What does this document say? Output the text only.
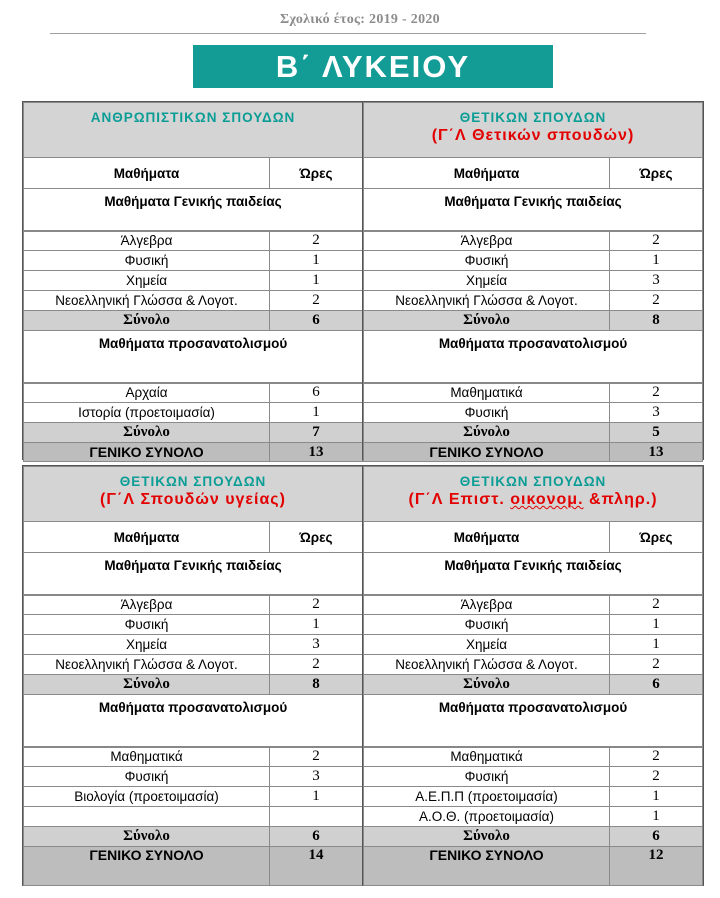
Σχολικό έτος: 2019 - 2020
Β΄ ΛΥΚΕΙΟΥ
ΑΝΘΡΩΠΙΣΤΙΚΩΝ ΣΠΟΥΔΩΝ	

Μαθήματα	Ώρες
Μαθήματα Γενικής παιδείας	
Άλγεβρα	2
Φυσική	1
Χημεία	1
Νεοελληνική Γλώσσα & Λογοτ.	2
Σύνολο	6
Μαθήματα προσανατολισμού	
Αρχαία	6
Ιστορία (προετοιμασία)	1
Σύνολο	7
ΓΕΝΙΚΟ ΣΥΝΟΛΟ	13
ΘΕΤΙΚΩΝ ΣΠΟΥΔΩΝ
(Γ΄Λ Θετικών σπουδών)	

Μαθήματα	Ώρες
Μαθήματα Γενικής παιδείας	
Άλγεβρα	2
Φυσική	1
Χημεία	3
Νεοελληνική Γλώσσα & Λογοτ.	2
Σύνολο	8
Μαθήματα προσανατολισμού	
Μαθηματικά	2
Φυσική	3
Σύνολο	5
ΓΕΝΙΚΟ ΣΥΝΟΛΟ	13
ΘΕΤΙΚΩΝ ΣΠΟΥΔΩΝ
(Γ΄Λ Σπουδών υγείας)	

Μαθήματα	Ώρες
Μαθήματα Γενικής παιδείας	
Άλγεβρα	2
Φυσική	1
Χημεία	3
Νεοελληνική Γλώσσα & Λογοτ.	2
Σύνολο	8
Μαθήματα προσανατολισμού	
Μαθηματικά	2
Φυσική	3
Βιολογία (προετοιμασία)	1

Σύνολο	6
ΓΕΝΙΚΟ ΣΥΝΟΛΟ	14
ΘΕΤΙΚΩΝ ΣΠΟΥΔΩΝ
(Γ΄Λ Επιστ. οικονομ. &πληρ.)	

Μαθήματα	Ώρες
Μαθήματα Γενικής παιδείας	
Άλγεβρα	2
Φυσική	1
Χημεία	1
Νεοελληνική Γλώσσα & Λογοτ.	2
Σύνολο	6
Μαθήματα προσανατολισμού	
Μαθηματικά	2
Φυσική	2
Α.Ε.Π.Π (προετοιμασία)	1
Α.Ο.Θ. (προετοιμασία)	1
Σύνολο	6
ΓΕΝΙΚΟ ΣΥΝΟΛΟ	12
